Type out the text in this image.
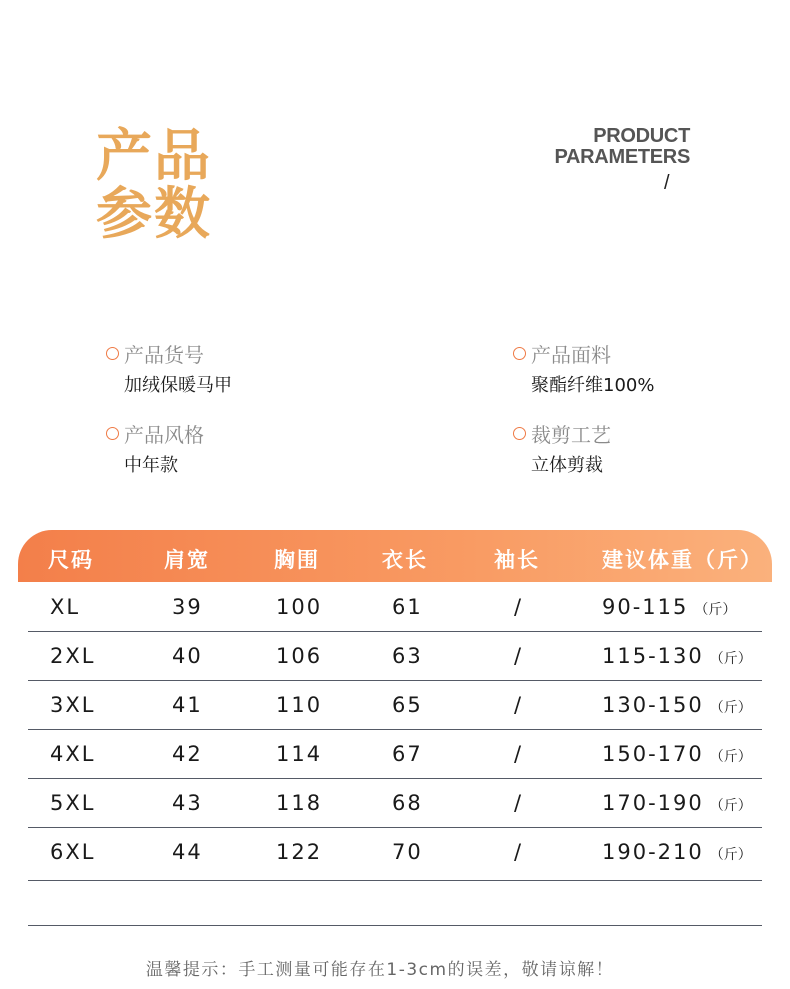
产品
参数
PRODUCT
PARAMETERS
/
产品货号
加绒保暖马甲
产品面料
聚酯纤维100%
产品风格
中年款
裁剪工艺
立体剪裁
尺码	肩宽	胸围	衣长	袖长	建议体重（斤）
XL	39	100	61	/	90-115 （斤）
2XL	40	106	63	/	115-130 （斤）
3XL	41	110	65	/	130-150 （斤）
4XL	42	114	67	/	150-170 （斤）
5XL	43	118	68	/	170-190 （斤）
6XL	44	122	70	/	190-210 （斤）
温馨提示：手工测量可能存在1-3cm的误差，敬请谅解！
